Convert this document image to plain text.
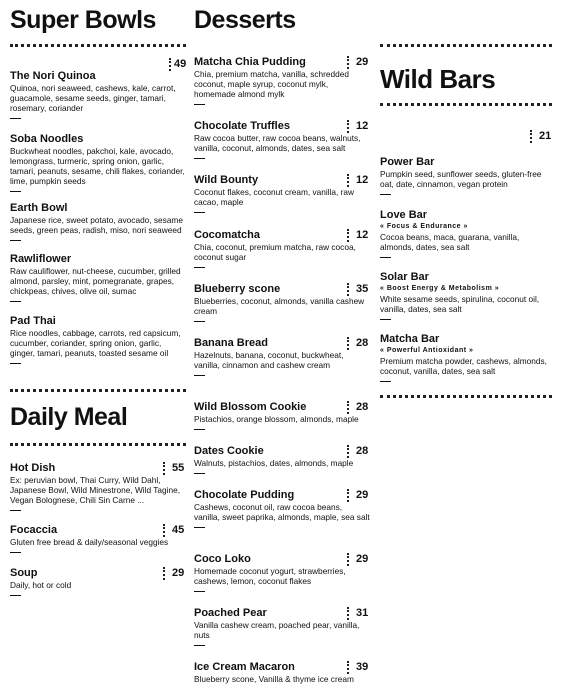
Super Bowls
49
The Nori Quinoa
Quinoa, nori seaweed, cashews, kale, carrot, guacamole, sesame seeds, ginger, tamari, rosemary, coriander
Soba Noodles
Buckwheat noodles, pakchoi, kale, avocado, lemongrass, turmeric, spring onion, garlic, tamari, peanuts, sesame, chili flakes, coriander, lime, pumpkin seeds
Earth Bowl
Japanese rice, sweet potato, avocado, sesame seeds, green peas, radish, miso, nori seaweed
Rawliflower
Raw cauliflower, nut-cheese, cucumber, grilled almond, parsley, mint, pomegranate, grapes, chickpeas, chives, olive oil, sumac
Pad Thai
Rice noodles, cabbage, carrots, red capsicum, cucumber, coriander, spring onion, garlic, ginger, tamari, peanuts, toasted sesame oil
Daily Meal
55
Hot Dish
Ex: peruvian bowl, Thai Curry, Wild Dahl, Japanese Bowl, Wild Minestrone, Wild Tagine, Vegan Bolognese, Chili Sin Carne ...
45
Focaccia
Gluten free bread & daily/seasonal veggies
29
Soup
Daily, hot or cold
Desserts
29
Matcha Chia Pudding
Chia, premium matcha, vanilla, schredded coconut, maple syrup, coconut mylk, homemade almond mylk
12
Chocolate Truffles
Raw cocoa butter, raw cocoa beans, walnuts, vanilla, coconut, almonds, dates, sea salt
12
Wild Bounty
Coconut flakes, coconut cream, vanilla, raw cacao, maple
12
Cocomatcha
Chia, coconut, premium matcha, raw cocoa, coconut sugar
35
Blueberry scone
Blueberries, coconut, almonds, vanilla cashew cream
28
Banana Bread
Hazelnuts, banana, coconut, buckwheat, vanilla, cinnamon and cashew cream
28
Wild Blossom Cookie
Pistachios, orange blossom, almonds, maple
28
Dates Cookie
Walnuts, pistachios, dates, almonds, maple
29
Chocolate Pudding
Cashews, coconut oil, raw cocoa beans, vanilla, sweet paprika, almonds, maple, sea salt
29
Coco Loko
Homemade coconut yogurt, strawberries, cashews, lemon, coconut flakes
31
Poached Pear
Vanilla cashew cream, poached pear, vanilla, nuts
39
Ice Cream Macaron
Blueberry scone, Vanilla & thyme ice cream
Wild Bars
21
Power Bar
Pumpkin seed, sunflower seeds, gluten-free oat, date, cinnamon, vegan protein
Love Bar
« Focus & Endurance »
Cocoa beans, maca, guarana, vanilla, almonds, dates, sea salt
Solar Bar
« Boost Energy & Metabolism »
White sesame seeds, spirulina, coconut oil, vanilla, dates, sea salt
Matcha Bar
« Powerful Antioxidant »
Premium matcha powder, cashews, almonds, coconut, vanilla, dates, sea salt
